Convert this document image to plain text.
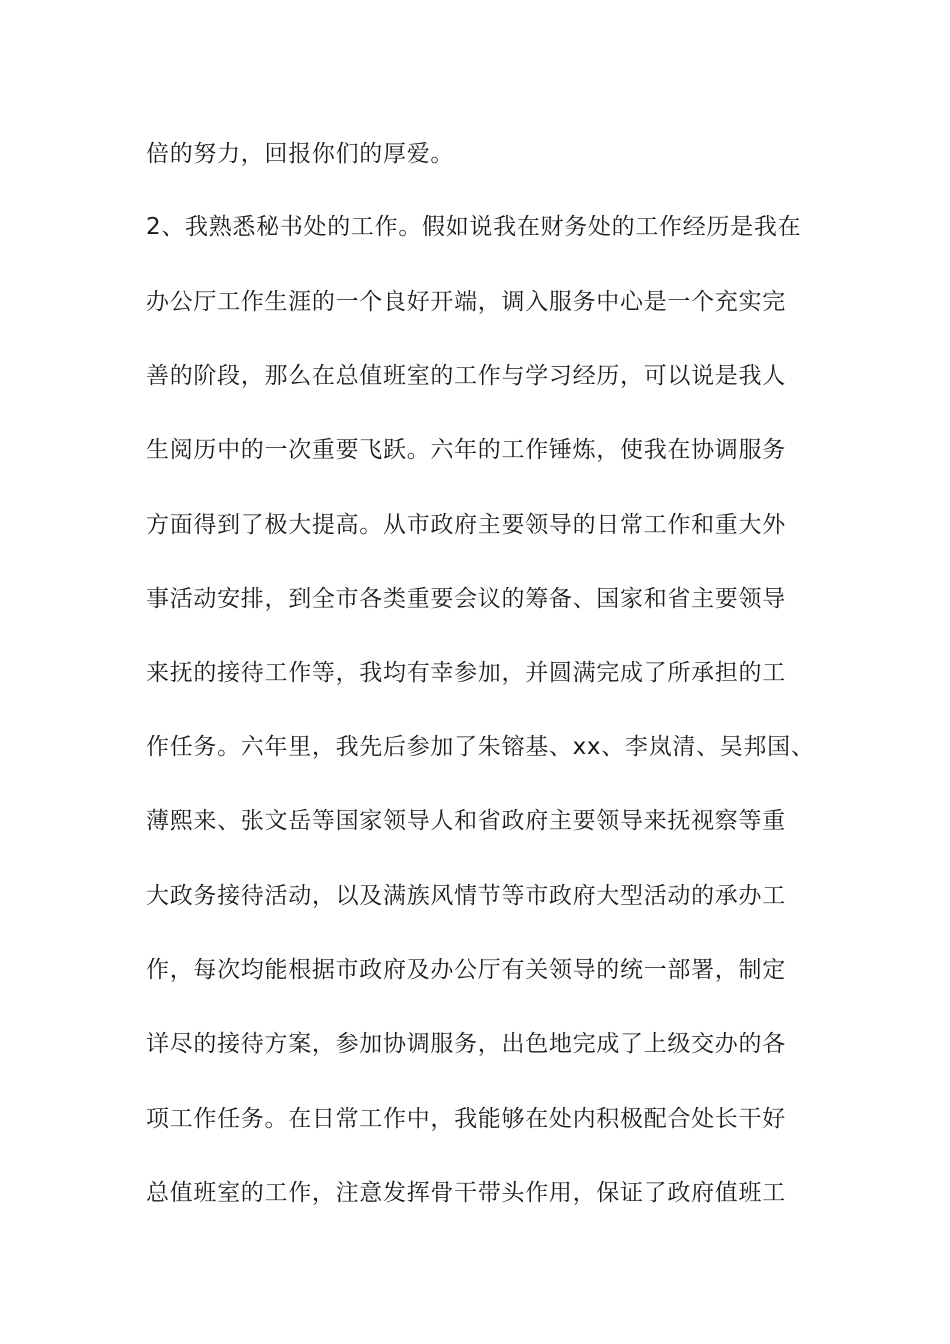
倍的努力，回报你们的厚爱。
2、我熟悉秘书处的工作。假如说我在财务处的工作经历是我在
办公厅工作生涯的一个良好开端，调入服务中心是一个充实完
善的阶段，那么在总值班室的工作与学习经历，可以说是我人
生阅历中的一次重要飞跃。六年的工作锤炼，使我在协调服务
方面得到了极大提高。从市政府主要领导的日常工作和重大外
事活动安排，到全市各类重要会议的筹备、国家和省主要领导
来抚的接待工作等，我均有幸参加，并圆满完成了所承担的工
作任务。六年里，我先后参加了朱镕基、xx、李岚清、吴邦国、
薄熙来、张文岳等国家领导人和省政府主要领导来抚视察等重
大政务接待活动，以及满族风情节等市政府大型活动的承办工
作，每次均能根据市政府及办公厅有关领导的统一部署，制定
详尽的接待方案，参加协调服务，出色地完成了上级交办的各
项工作任务。在日常工作中，我能够在处内积极配合处长干好
总值班室的工作，注意发挥骨干带头作用，保证了政府值班工
